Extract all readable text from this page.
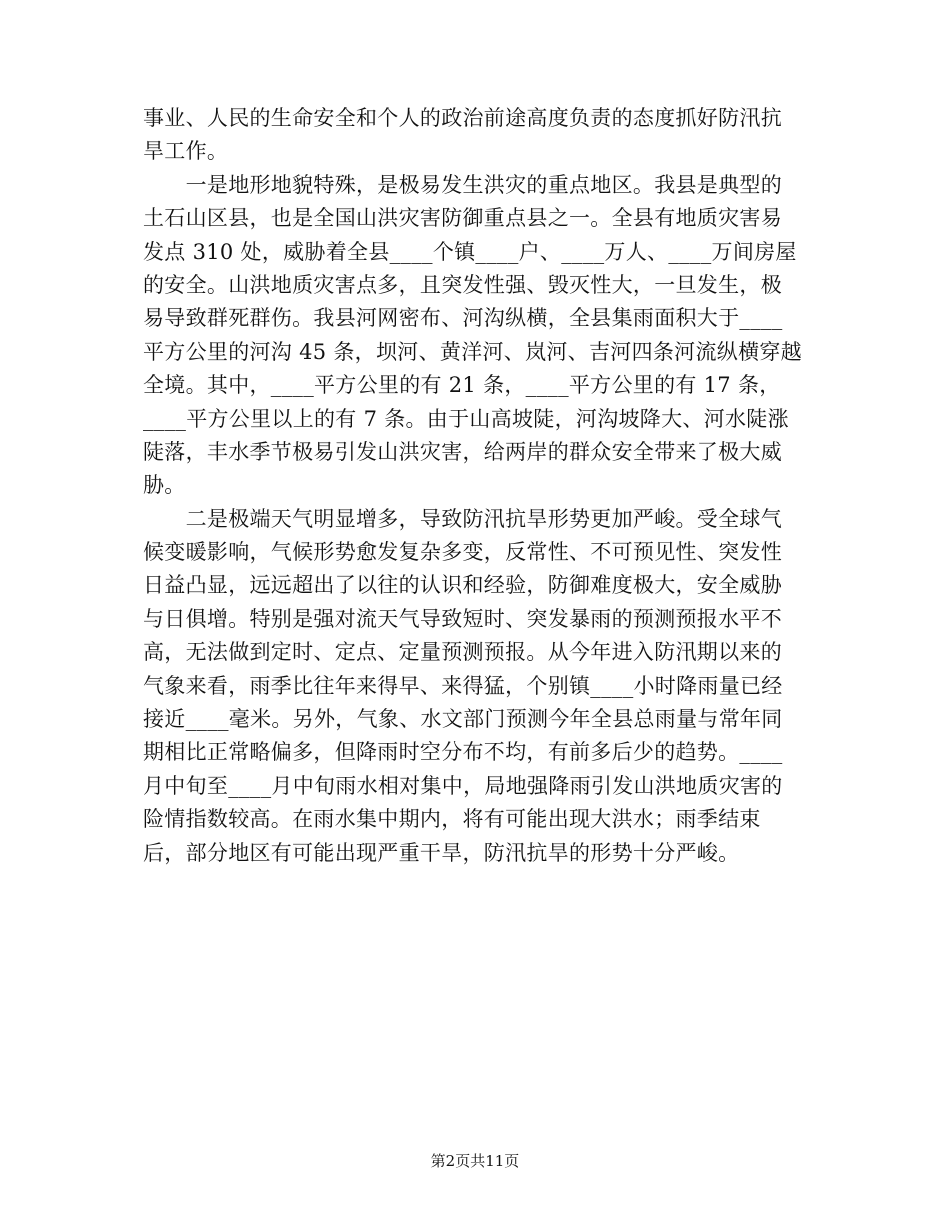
事业、人民的生命安全和个人的政治前途高度负责的态度抓好防汛抗
旱工作。
　　一是地形地貌特殊，是极易发生洪灾的重点地区。我县是典型的
土石山区县，也是全国山洪灾害防御重点县之一。全县有地质灾害易
发点 310 处，威胁着全县____个镇____户、____万人、____万间房屋
的安全。山洪地质灾害点多，且突发性强、毁灭性大，一旦发生，极
易导致群死群伤。我县河网密布、河沟纵横，全县集雨面积大于____
平方公里的河沟 45 条，坝河、黄洋河、岚河、吉河四条河流纵横穿越
全境。其中，____平方公里的有 21 条，____平方公里的有 17 条，
____平方公里以上的有 7 条。由于山高坡陡，河沟坡降大、河水陡涨
陡落，丰水季节极易引发山洪灾害，给两岸的群众安全带来了极大威
胁。
　　二是极端天气明显增多，导致防汛抗旱形势更加严峻。受全球气
候变暖影响，气候形势愈发复杂多变，反常性、不可预见性、突发性
日益凸显，远远超出了以往的认识和经验，防御难度极大，安全威胁
与日俱增。特别是强对流天气导致短时、突发暴雨的预测预报水平不
高，无法做到定时、定点、定量预测预报。从今年进入防汛期以来的
气象来看，雨季比往年来得早、来得猛，个别镇____小时降雨量已经
接近____毫米。另外，气象、水文部门预测今年全县总雨量与常年同
期相比正常略偏多，但降雨时空分布不均，有前多后少的趋势。____
月中旬至____月中旬雨水相对集中，局地强降雨引发山洪地质灾害的
险情指数较高。在雨水集中期内，将有可能出现大洪水；雨季结束
后，部分地区有可能出现严重干旱，防汛抗旱的形势十分严峻。
第2页共11页
